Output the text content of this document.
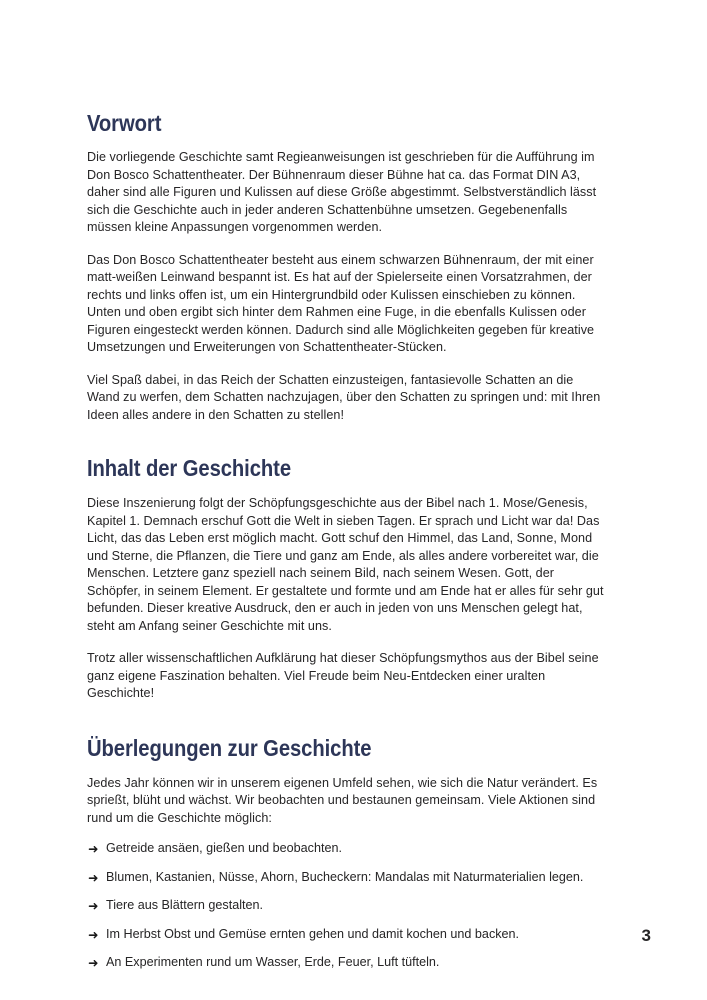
Vorwort

Die vorliegende Geschichte samt Regieanweisungen ist geschrieben für die Aufführung im Don Bosco Schattentheater. Der Bühnenraum dieser Bühne hat ca. das Format DIN A3, daher sind alle Figuren und Kulissen auf diese Größe abgestimmt. Selbstverständlich lässt sich die Geschichte auch in jeder anderen Schattenbühne umsetzen. Gegebenenfalls müssen kleine Anpassungen vorgenommen werden.

Das Don Bosco Schattentheater besteht aus einem schwarzen Bühnenraum, der mit einer matt-weißen Leinwand bespannt ist. Es hat auf der Spielerseite einen Vorsatzrahmen, der rechts und links offen ist, um ein Hintergrundbild oder Kulissen einschieben zu können. Unten und oben ergibt sich hinter dem Rahmen eine Fuge, in die ebenfalls Kulissen oder Figuren eingesteckt werden können. Dadurch sind alle Möglichkeiten gegeben für kreative Umsetzungen und Erweiterungen von Schattentheater-Stücken.

Viel Spaß dabei, in das Reich der Schatten einzusteigen, fantasievolle Schatten an die Wand zu werfen, dem Schatten nachzujagen, über den Schatten zu springen und: mit Ihren Ideen alles andere in den Schatten zu stellen!

Inhalt der Geschichte

Diese Inszenierung folgt der Schöpfungsgeschichte aus der Bibel nach 1. Mose/Genesis, Kapitel 1. Demnach erschuf Gott die Welt in sieben Tagen. Er sprach und Licht war da! Das Licht, das das Leben erst möglich macht. Gott schuf den Himmel, das Land, Sonne, Mond und Sterne, die Pflanzen, die Tiere und ganz am Ende, als alles andere vorbereitet war, die Menschen. Letztere ganz speziell nach seinem Bild, nach seinem Wesen. Gott, der Schöpfer, in seinem Element. Er gestaltete und formte und am Ende hat er alles für sehr gut befunden. Dieser kreative Ausdruck, den er auch in jeden von uns Menschen gelegt hat, steht am Anfang seiner Geschichte mit uns.

Trotz aller wissenschaftlichen Aufklärung hat dieser Schöpfungsmythos aus der Bibel seine ganz eigene Faszination behalten. Viel Freude beim Neu-Entdecken einer uralten Geschichte!

Überlegungen zur Geschichte

Jedes Jahr können wir in unserem eigenen Umfeld sehen, wie sich die Natur verändert. Es sprießt, blüht und wächst. Wir beobachten und bestaunen gemeinsam. Viele Aktionen sind rund um die Geschichte möglich:

➜ Getreide ansäen, gießen und beobachten.
➜ Blumen, Kastanien, Nüsse, Ahorn, Bucheckern: Mandalas mit Naturmaterialien legen.
➜ Tiere aus Blättern gestalten.
➜ Im Herbst Obst und Gemüse ernten gehen und damit kochen und backen.
➜ An Experimenten rund um Wasser, Erde, Feuer, Luft tüfteln.
3
